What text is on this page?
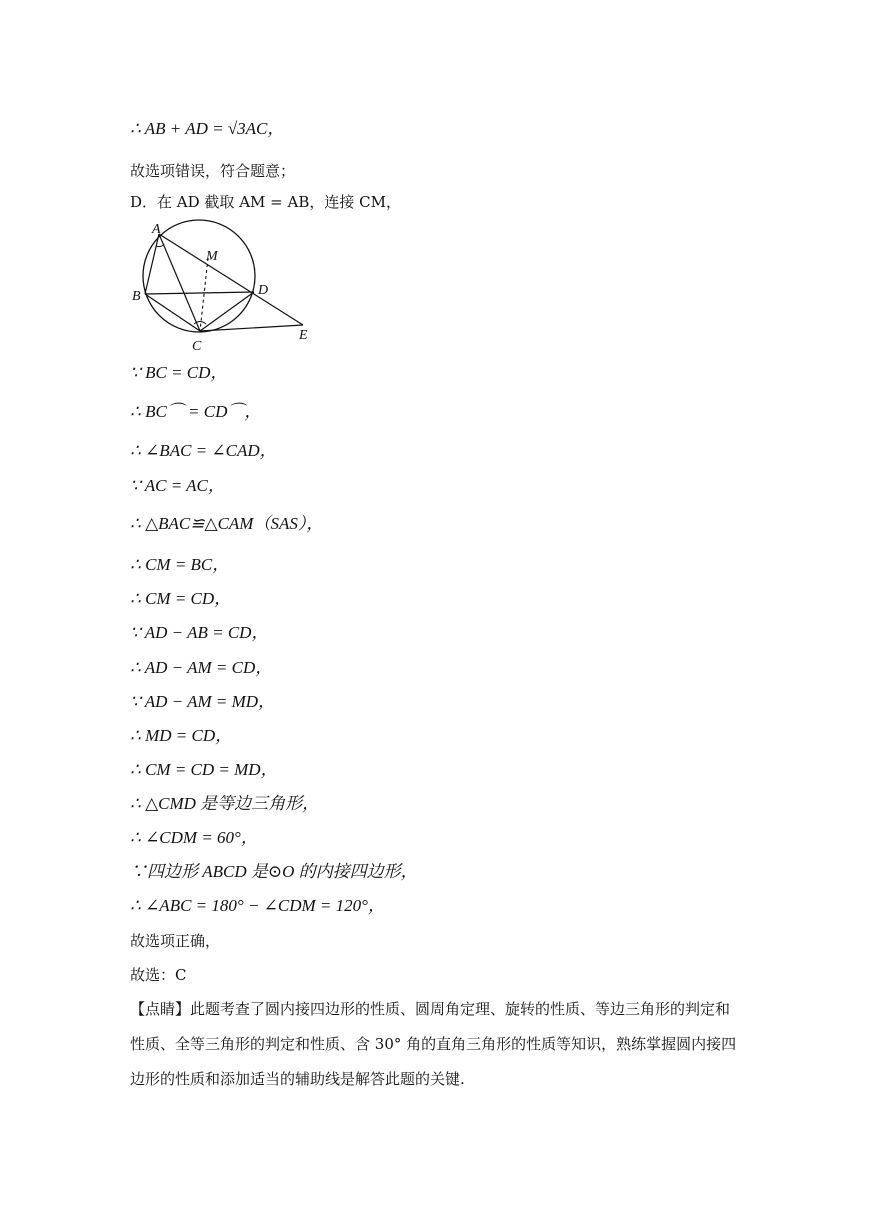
∴ AB + AD = √3AC，
故选项错误，符合题意；
D．在 AD 截取 AM = AB，连接 CM，
A
M
B	D
C
E
∵ BC = CD，
∴ BC⌒ = CD⌒，
∴ ∠BAC = ∠CAD，
∵ AC = AC，
∴ △BAC≌△CAM（SAS），
∴ CM = BC，
∴ CM = CD，
∵ AD − AB = CD，
∴ AD − AM = CD，
∵ AD − AM = MD，
∴ MD = CD，
∴ CM = CD = MD，
∴ △CMD 是等边三角形，
∴ ∠CDM = 60°，
∵四边形 ABCD 是⊙O 的内接四边形，
∴ ∠ABC = 180° − ∠CDM = 120°，
故选项正确，
故选：C
【点睛】此题考查了圆内接四边形的性质、圆周角定理、旋转的性质、等边三角形的判定和
性质、全等三角形的判定和性质、含 30° 角的直角三角形的性质等知识，熟练掌握圆内接四
边形的性质和添加适当的辅助线是解答此题的关键.
